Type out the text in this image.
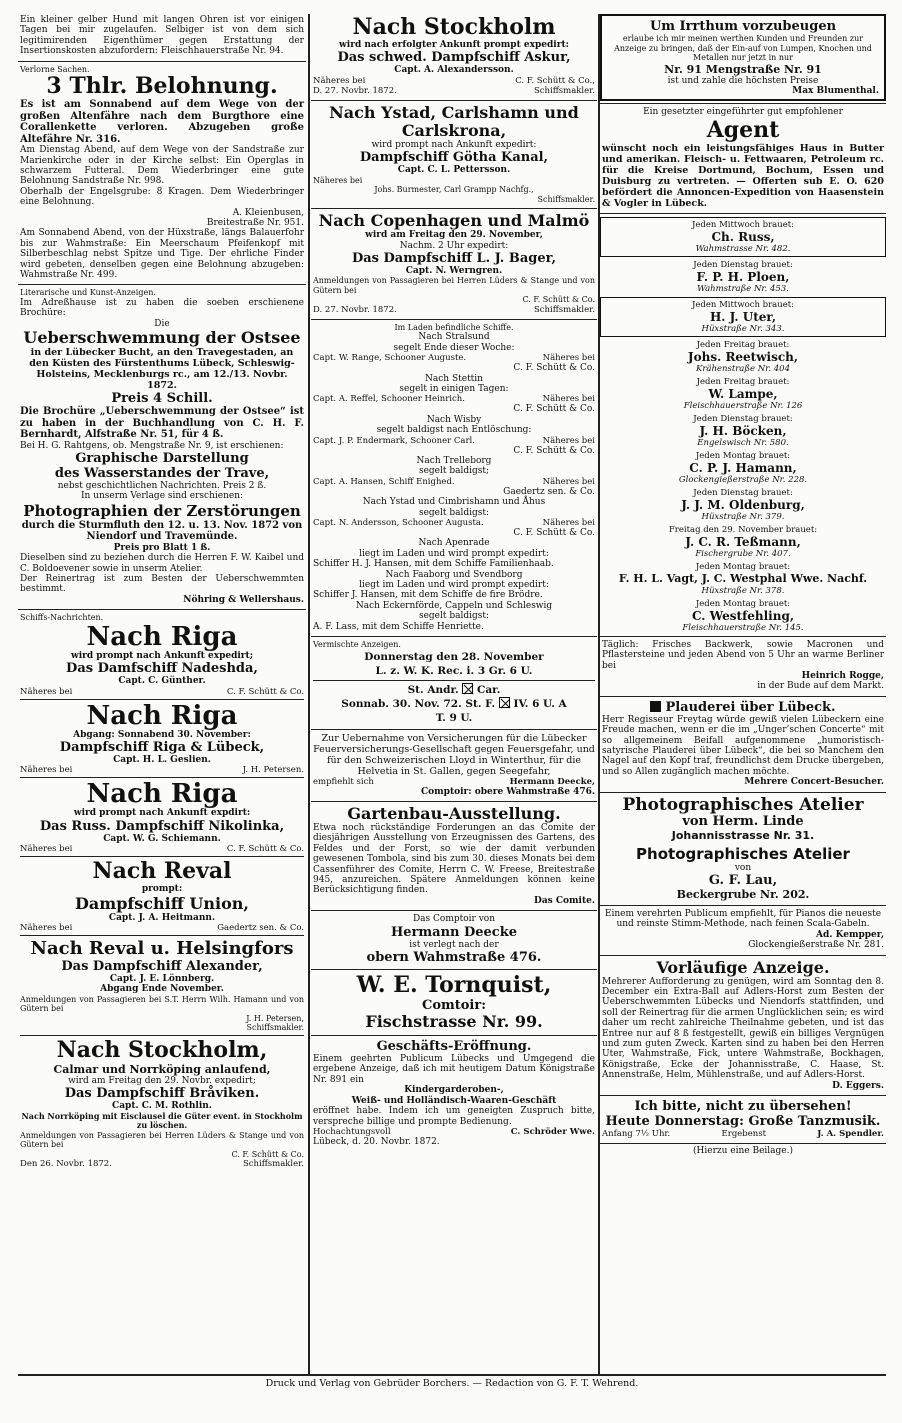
Ein kleiner gelber Hund mit langen Ohren ist vor einigen Tagen bei mir zugelaufen. Selbiger ist von dem sich legitimirenden Eigenthümer gegen Erstattung der Insertionskosten abzufordern: Fleischhauerstraße Nr. 94.

Verlorne Sachen.

3 Thlr. Belohnung.

Es ist am Sonnabend auf dem Wege von der großen Altenfähre nach dem Burgthore eine Corallenkette verloren. Abzugeben große Altefähre Nr. 316.

Am Dienstag Abend, auf dem Wege von der Sandstraße zur Marienkirche oder in der Kirche selbst: Ein Operglas in schwarzem Futteral. Dem Wiederbringer eine gute Belohnung Sandstraße Nr. 998.

Oberhalb der Engelsgrube: 8 Kragen. Dem Wiederbringer eine Belohnung.

A. Kleienbusen,

Breitestraße Nr. 951.

Am Sonnabend Abend, von der Hüxstraße, längs Balauerfohr bis zur Wahmstraße: Ein Meerschaum Pfeifenkopf mit Silberbeschlag nebst Spitze und Tige. Der ehrliche Finder wird gebeten, denselben gegen eine Belohnung abzugeben: Wahmstraße Nr. 499.

Literarische und Kunst-Anzeigen.

Im Adreßhause ist zu haben die soeben erschienene Brochüre:

Die

Ueberschwemmung der Ostsee

in der Lübecker Bucht, an den Travegestaden, an den Küsten des Fürstenthums Lübeck, Schleswig-Holsteins, Mecklenburgs rc., am 12./13. Novbr. 1872.

Preis 4 Schill.

Die Brochüre „Ueberschwemmung der Ostsee“ ist zu haben in der Buchhandlung von C. H. F. Bernhardt, Alfstraße Nr. 51, für 4 ß.

Bei H. G. Rahtgens, ob. Mengstraße Nr. 9, ist erschienen:

Graphische Darstellung
des Wasserstandes der Trave,

nebst geschichtlichen Nachrichten. Preis 2 ß.

In unserm Verlage sind erschienen:

Photographien der Zerstörungen

durch die Sturmfluth den 12. u. 13. Nov. 1872 von Niendorf und Travemünde.

Preis pro Blatt 1 ß.

Dieselben sind zu beziehen durch die Herren F. W. Kaibel und C. Boldoevener sowie in unserm Atelier.

Der Reinertrag ist zum Besten der Ueberschwemmten bestimmt.

Nöhring & Wellershaus.

Schiffs-Nachrichten.

Nach Riga

wird prompt nach Ankunft expedirt;

Das Damfschiff Nadeshda,

Capt. C. Günther.

Näheres bei	C. F. Schütt & Co.
Nach Riga

Abgang: Sonnabend 30. November:

Dampfschiff Riga & Lübeck,

Capt. H. L. Geslien.

Näheres bei	J. H. Petersen.
Nach Riga

wird prompt nach Ankunft expdirt:

Das Russ. Dampfschiff Nikolinka,

Capt. W. G. Schiemann.

Näheres bei	C. F. Schütt & Co.
Nach Reval

prompt:

Dampfschiff Union,

Capt. J. A. Heitmann.

Näheres bei	Gaedertz sen. & Co.
Nach Reval u. Helsingfors
Das Dampfschiff Alexander,

Capt. J. E. Lönnberg.

Abgang Ende November.

Anmeldungen von Passagieren bei S.T. Herrn Wilh. Hamann und von Gütern bei

J. H. Petersen,

Schiffsmakler.

Nach Stockholm,

Calmar und Norrköping anlaufend,

wird am Freitag den 29. Novbr. expedirt;

Das Dampfschiff Bråviken.

Capt. C. M. Rothlin.

Nach Norrköping mit Eisclausel die Güter event. in Stockholm zu löschen.

Anmeldungen von Passagieren bei Herren Lüders & Stange und von Gütern bei

C. F. Schütt & Co.

Den 26. Novbr. 1872.	Schiffsmakler.
Nach Stockholm

wird nach erfolgter Ankunft prompt expedirt:

Das schwed. Dampfschiff Askur,

Capt. A. Alexandersson.

Näheres bei	C. F. Schütt & Co.,
D. 27. Novbr. 1872.	Schiffsmakler.
Nach Ystad, Carlshamn und
Carlskrona,

wird prompt nach Ankunft expedirt:

Dampfschiff Götha Kanal,

Capt. C. L. Pettersson.

Näheres bei

Johs. Burmester, Carl Grampp Nachfg.,

Schiffsmakler.

Nach Copenhagen und Malmö

wird am Freitag den 29. November,

Nachm. 2 Uhr expedirt:

Das Dampfschiff L. J. Bager,

Capt. N. Werngren.

Anmeldungen von Passagieren bei Herren Lüders & Stange und von Gütern bei

C. F. Schütt & Co.

D. 27. Novbr. 1872.	Schiffsmakler.

Im Laden befindliche Schiffe.

Nach Stralsund

segelt Ende dieser Woche:

Capt. W. Range, Schooner Auguste.	Näheres bei

C. F. Schütt & Co.

Nach Stettin

segelt in einigen Tagen:

Capt. A. Reffel, Schooner Heinrich.	Näheres bei

C. F. Schütt & Co.

Nach Wisby

segelt baldigst nach Entlöschung:

Capt. J. P. Endermark, Schooner Carl.	Näheres bei

C. F. Schütt & Co.

Nach Trelleborg

segelt baldigst;

Capt. A. Hansen, Schiff Enighed.	Näheres bei

Gaedertz sen. & Co.

Nach Ystad und Cimbrishamn und Åhus

segelt baldigst:

Capt. N. Andersson, Schooner Augusta.	Näheres bei

C. F. Schütt & Co.

Nach Apenrade

liegt im Laden und wird prompt expedirt:

Schiffer H. J. Hansen, mit dem Schiffe Familienhaab.

Nach Faaborg und Svendborg

liegt im Laden und wird prompt expedirt:

Schiffer J. Hansen, mit dem Schiffe de fire Brödre.

Nach Eckernförde, Cappeln und Schleswig

segelt baldigst:

A. F. Lass, mit dem Schiffe Henriette.

Vermischte Anzeigen.

Donnerstag den 28. November
L. z. W. K. Rec. i. 3 Gr. 6 U.
St. Andr. ☒ Car.
Sonnab. 30. Nov. 72. St. F. ☒ IV. 6 U. A
T. 9 U.

Zur Uebernahme von Versicherungen für die Lübecker Feuerversicherungs-Gesellschaft gegen Feuersgefahr, und für den Schweizerischen Lloyd in Winterthur, für die Helvetia in St. Gallen, gegen Seegefahr,

empfiehlt sich	Hermann Deecke,

Comptoir: obere Wahmstraße 476.

Gartenbau-Ausstellung.

Etwa noch rückständige Forderungen an das Comite der diesjährigen Ausstellung von Erzeugnissen des Gartens, des Feldes und der Forst, so wie der damit verbunden gewesenen Tombola, sind bis zum 30. dieses Monats bei dem Cassenführer des Comite, Herrn C. W. Freese, Breitestraße 945, anzureichen. Spätere Anmeldungen können keine Berücksichtigung finden.

Das Comite.

Das Comptoir von

Hermann Deecke

ist verlegt nach der

obern Wahmstraße 476.
W. E. Tornquist,
Comtoir:
Fischstrasse Nr. 99.
Geschäfts-Eröffnung.

Einem geehrten Publicum Lübecks und Umgegend die ergebene Anzeige, daß ich mit heutigem Datum Königstraße Nr. 891 ein

Kindergarderoben-,

Weiß- und Holländisch-Waaren-Geschäft

eröffnet habe. Indem ich um geneigten Zuspruch bitte, verspreche billige und prompte Bedienung.

Hochachtungsvoll	C. Schröder Wwe.

Lübeck, d. 20. Novbr. 1872.

Um Irrthum vorzubeugen

erlaube ich mir meinen werthen Kunden und Freunden zur Anzeige zu bringen, daß der Ein-auf von Lumpen, Knochen und Metallen nur jetzt in nur

Nr. 91 Mengstraße Nr. 91

ist und zahle die höchsten Preise

Max Blumenthal.

Ein gesetzter eingeführter gut empfohlener

Agent

wünscht noch ein leistungsfähiges Haus in Butter und amerikan. Fleisch- u. Fettwaaren, Petroleum rc. für die Kreise Dortmund, Bochum, Essen und Duisburg zu vertreten. — Offerten sub E. O. 620 befördert die Annoncen-Expedition von Haasenstein & Vogler in Lübeck.

Jeden Mittwoch brauet:
Ch. Russ,
Wahmstrasse Nr. 482.
Jeden Dienstag brauet:
F. P. H. Ploen,
Wahmstraße Nr. 453.
Jeden Mittwoch brauet:
H. J. Uter,
Hüxstraße Nr. 343.
Jeden Freitag brauet:
Johs. Reetwisch,
Krähenstraße Nr. 404
Jeden Freitag brauet:
W. Lampe,
Fleischhauerstraße Nr. 126
Jeden Dienstag brauet:
J. H. Böcken,
Engelswisch Nr. 580.
Jeden Montag brauet:
C. P. J. Hamann,
Glockengießerstraße Nr. 228.
Jeden Dienstag brauet:
J. J. M. Oldenburg,
Hüxstraße Nr. 379.
Freitag den 29. November brauet:
J. C. R. Teßmann,
Fischergrube Nr. 407.
Jeden Montag brauet:
F. H. L. Vagt, J. C. Westphal Wwe. Nachf.
Hüxstraße Nr. 378.
Jeden Montag brauet:
C. Westfehling,
Fleischhauerstraße Nr. 145.

Täglich: Frisches Backwerk, sowie Macronen und Pflastersteine und jeden Abend von 5 Uhr an warme Berliner bei

Heinrich Rogge,

in der Bude auf dem Markt.

Plauderei über Lübeck.

Herr Regisseur Freytag würde gewiß vielen Lübeckern eine Freude machen, wenn er die im „Unger’schen Concerte“ mit so allgemeinem Beifall aufgenommene „humoristisch-satyrische Plauderei über Lübeck“, die bei so Manchem den Nagel auf den Kopf traf, freundlichst dem Drucke übergeben, und so Allen zugänglich machen möchte.

Mehrere Concert-Besucher.

Photographisches Atelier
von Herm. Linde
Johannisstrasse Nr. 31.
Photographisches Atelier

von

G. F. Lau,
Beckergrube Nr. 202.

Einem verehrten Publicum empfiehlt, für Pianos die neueste und reinste Stimm-Methode, nach feinen Scala-Gabeln.

Ad. Kempper,

Glockengießerstraße Nr. 281.

Vorläufige Anzeige.

Mehrerer Aufforderung zu genügen, wird am Sonntag den 8. December ein Extra-Ball auf Adlers-Horst zum Besten der Ueberschwemmten Lübecks und Niendorfs stattfinden, und soll der Reinertrag für die armen Unglücklichen sein; es wird daher um recht zahlreiche Theilnahme gebeten, und ist das Entree nur auf 8 ß festgestellt, gewiß ein billiges Vergnügen und zum guten Zweck. Karten sind zu haben bei den Herren Uter, Wahmstraße, Fick, untere Wahmstraße, Bockhagen, Königstraße, Ecke der Johannisstraße, C. Haase, St. Annenstraße, Helm, Mühlenstraße, und auf Adlers-Horst.

D. Eggers.

Ich bitte, nicht zu übersehen!
Heute Donnerstag: Große Tanzmusik.
Anfang 7½ Uhr.	Ergebenst	J. A. Spendler.

(Hierzu eine Beilage.)

Druck und Verlag von Gebrüder Borchers. — Redaction von G. F. T. Wehrend.
